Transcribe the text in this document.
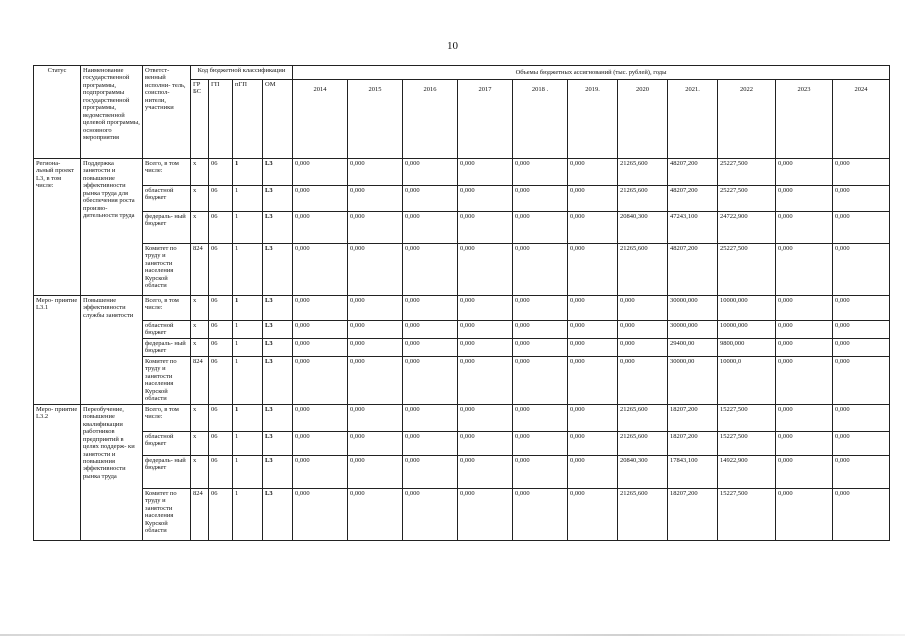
10
Статус	Наименование государственной программы, подпрограммы государственной программы, ведомственной целевой программы, основного мероприятия	Ответст- венный исполни- тель, соиспол- нители, участники	Код бюджетной классификации				Объемы бюджетных ассигнований (тыс. рублей), годы										
			ГР БС	ГП	пГП	ОМ	2014	2015	2016	2017	2018 .	2019.	2020	2021.	2022	2023	2024
Региона- льный проект L3, в том числе:	Поддержка занятости и повышение эффективности рынка труда для обеспечения роста произво- дительности труда	Всего, в том числе:	x	06	1	L3	0,000	0,000	0,000	0,000	0,000	0,000	21265,600	48207,200	25227,500	0,000	0,000
		областной бюджет	x	06	1	L3	0,000	0,000	0,000	0,000	0,000	0,000	21265,600	48207,200	25227,500	0,000	0,000
		федераль- ный бюджет	x	06	1	L3	0,000	0,000	0,000	0,000	0,000	0,000	20840,300	47243,100	24722,900	0,000	0,000
		Комитет по труду и занятости населения Курской области	824	06	1	L3	0,000	0,000	0,000	0,000	0,000	0,000	21265,600	48207,200	25227,500	0,000	0,000
Меро- приятие L3.1	Повышение эффективности службы занятости	Всего, в том числе:	x	06	1	L3	0,000	0,000	0,000	0,000	0,000	0,000	0,000	30000,000	10000,000	0,000	0,000
		областной бюджет	x	06	1	L3	0,000	0,000	0,000	0,000	0,000	0,000	0,000	30000,000	10000,000	0,000	0,000
		федераль- ный бюджет	x	06	1	L3	0,000	0,000	0,000	0,000	0,000	0,000	0,000	29400,00	9800,000	0,000	0,000
		Комитет по труду и занятости населения Курской области	824	06	1	L3	0,000	0,000	0,000	0,000	0,000	0,000	0,000	30000,00	10000,0	0,000	0,000
Меро- приятие L3.2	Переобучение, повышение квалификации работников предприятий в целях поддерж- ки занятости и повышения эффективности рынка труда	Всего, в том числе:	x	06	1	L3	0,000	0,000	0,000	0,000	0,000	0,000	21265,600	18207,200	15227,500	0,000	0,000
		областной бюджет	x	06	1	L3	0,000	0,000	0,000	0,000	0,000	0,000	21265,600	18207,200	15227,500	0,000	0,000
		федераль- ный бюджет	x	06	1	L3	0,000	0,000	0,000	0,000	0,000	0,000	20840,300	17843,100	14922,900	0,000	0,000
		Комитет по труду и занятости населения Курской области	824	06	1	L3	0,000	0,000	0,000	0,000	0,000	0,000	21265,600	18207,200	15227,500	0,000	0,000
